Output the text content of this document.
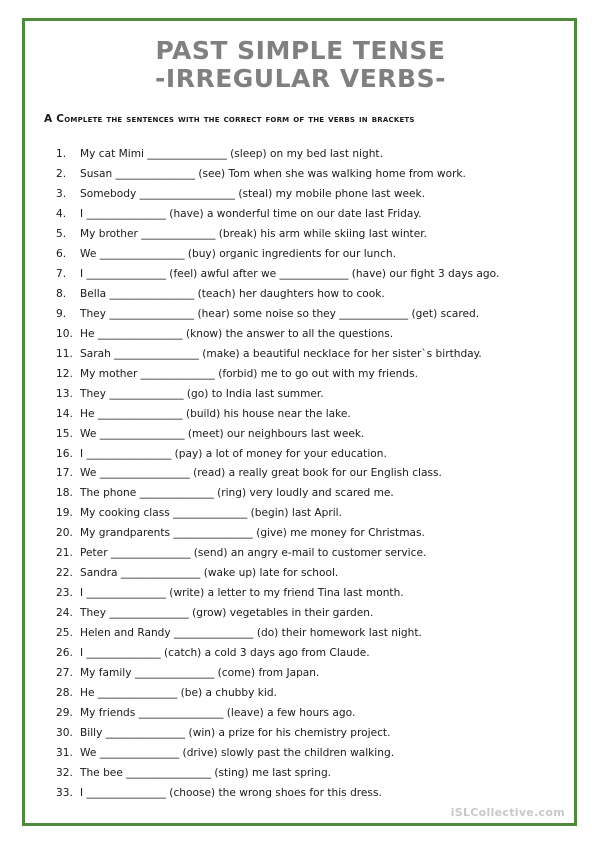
PAST SIMPLE TENSE
-IRREGULAR VERBS-
A Complete the sentences with the correct form of the verbs in brackets
1.	My cat Mimi _______________ (sleep) on my bed last night.
2.	Susan _______________ (see) Tom when she was walking home from work.
3.	Somebody __________________ (steal) my mobile phone last week.
4.	I _______________ (have) a wonderful time on our date last Friday.
5.	My brother ______________ (break) his arm while skiing last winter.
6.	We ________________ (buy) organic ingredients for our lunch.
7.	I _______________ (feel) awful after we _____________ (have) our fight 3 days ago.
8.	Bella ________________ (teach) her daughters how to cook.
9.	They ________________ (hear) some noise so they _____________ (get) scared.
10. He ________________ (know) the answer to all the questions.
11. Sarah ________________ (make) a beautiful necklace for her sister`s birthday.
12. My mother ______________ (forbid) me to go out with my friends.
13. They ______________ (go) to India last summer.
14. He ________________ (build) his house near the lake.
15. We ________________ (meet) our neighbours last week.
16. I ________________ (pay) a lot of money for your education.
17. We _________________ (read) a really great book for our English class.
18. The phone ______________ (ring) very loudly and scared me.
19. My cooking class ______________ (begin) last April.
20. My grandparents _______________ (give) me money for Christmas.
21. Peter _______________ (send) an angry e-mail to customer service.
22. Sandra _______________ (wake up) late for school.
23. I _______________ (write) a letter to my friend Tina last month.
24. They _______________ (grow) vegetables in their garden.
25. Helen and Randy _______________ (do) their homework last night.
26. I ______________ (catch) a cold 3 days ago from Claude.
27. My family _______________ (come) from Japan.
28. He _______________ (be) a chubby kid.
29. My friends ________________ (leave) a few hours ago.
30. Billy _______________ (win) a prize for his chemistry project.
31. We _______________ (drive) slowly past the children walking.
32. The bee ________________ (sting) me last spring.
33. I _______________ (choose) the wrong shoes for this dress.
iSLCollective.com
